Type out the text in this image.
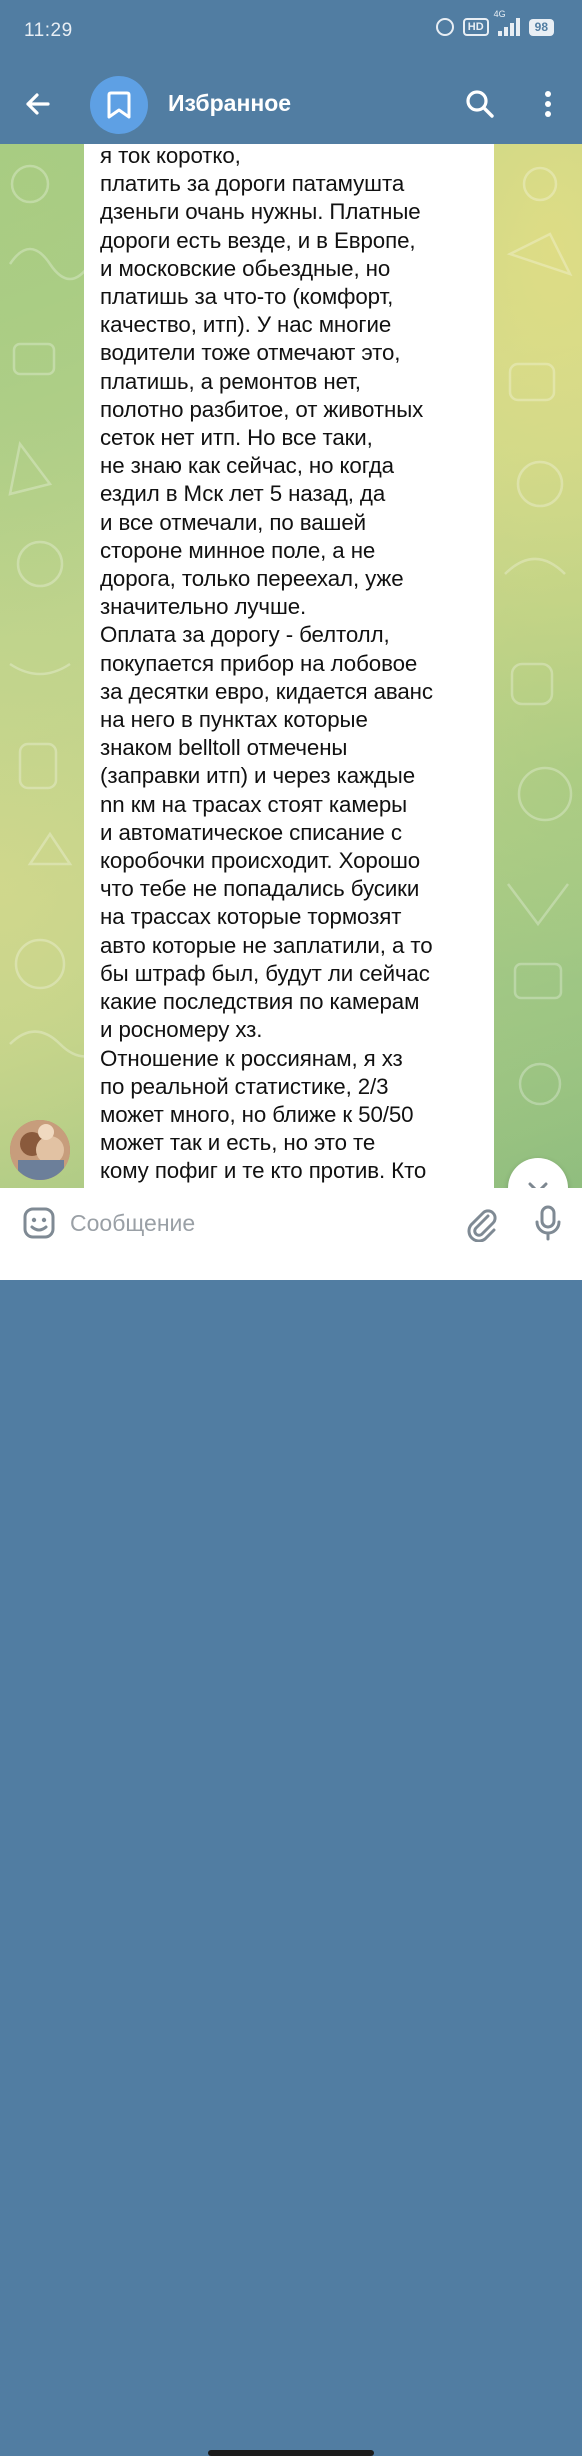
11:29	HD
4G
98
Избранное
я ток коротко,
платить за дороги патамушта
дзеньги очань нужны. Платные
дороги есть везде, и в Европе,
и московские обьездные, но
платишь за что-то (комфорт,
качество, итп). У нас многие
водители тоже отмечают это,
платишь, а ремонтов нет,
полотно разбитое, от животных
сеток нет итп. Но все таки,
не знаю как сейчас, но когда
ездил в Мск лет 5 назад, да
и все отмечали, по вашей
стороне минное поле, а не
дорога, только переехал, уже
значительно лучше.
Оплата за дорогу - белтолл,
покупается прибор на лобовое
за десятки евро, кидается аванс
на него в пунктах которые
знаком belltoll отмечены
(заправки итп) и через каждые
nn км на трасах стоят камеры
и автоматическое списание с
коробочки происходит. Хорошо
что тебе не попадались бусики
на трассах которые тормозят
авто которые не заплатили, а то
бы штраф был, будут ли сейчас
какие последствия по камерам
и росномеру хз.
Отношение к россиянам, я хз
по реальной статистике, 2/3
может много, но ближе к 50/50
может так и есть, но это те
кому пофиг и те кто против. Кто
Сообщение
